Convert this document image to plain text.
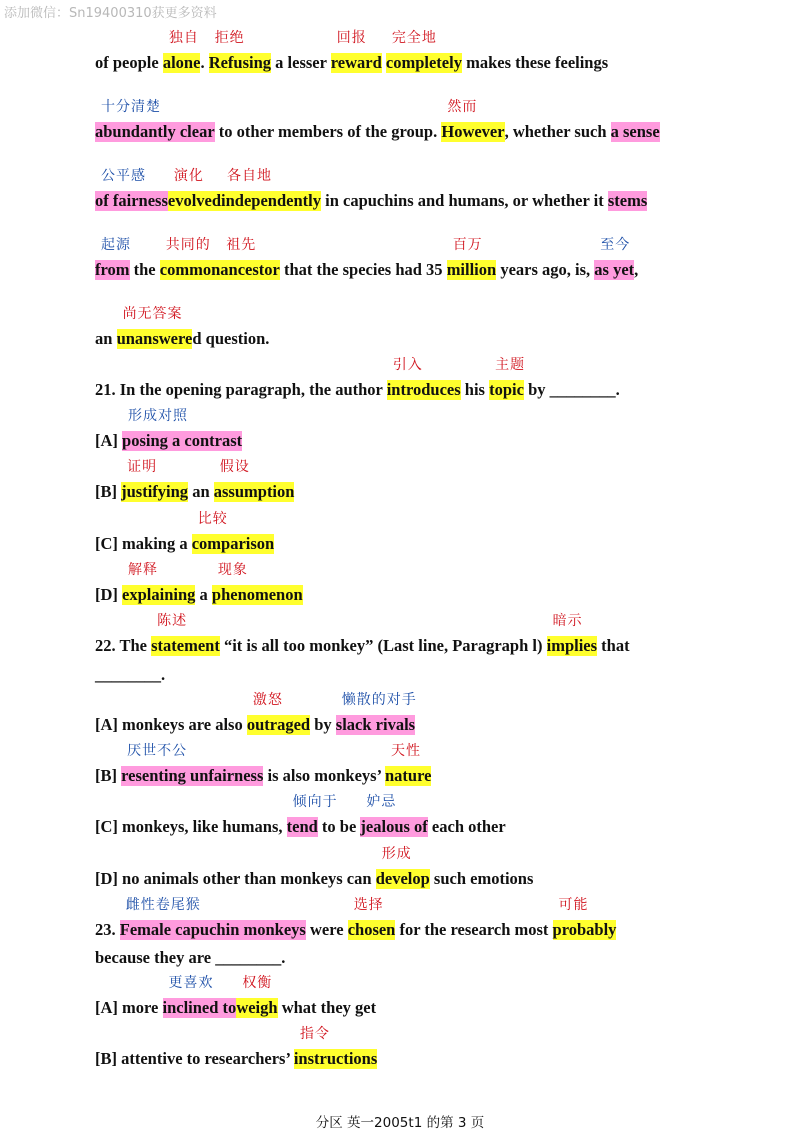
添加微信：Sn19400310获更多资料
of people alone
独自
. Refusing
拒绝
a lesser reward
回报
completely
完全地
makes these feelings
abundantly clear
十分清楚
to other members of the group. However
然而
, whether such a sense
of fairness
公平感
evolved
演化
independently
各自地
in capuchins and humans, or whether it stems
from
起源
the common
共同的
ancestor
祖先
that the species had 35 million
百万
years ago, is, as yet
至今
,
an unanswere
尚无答案
d question.
21. In the opening paragraph, the author introduces
引入
his topic
主题
by ________.
[A] posing a contrast
形成对照
[B] justifying
证明
an assumption
假设
[C] making a comparison
比较
[D] explaining
解释
a phenomenon
现象
22. The statement
陈述
“it is all too monkey” (Last line, Paragraph l) implies
暗示
that
________.
[A] monkeys are also outraged
激怒
by slack rivals
懒散的对手
[B] resenting unfairness
厌世不公
is also monkeys’ nature
天性
[C] monkeys, like humans, tend
倾向于
to be jealous of
妒忌
each other
[D] no animals other than monkeys can develop
形成
such emotions
23. Female capuchin monkeys
雌性卷尾猴
were chosen
选择
for the research most probably
可能
because they are ________.
[A] more inclined to
更喜欢
weigh
权衡
what they get
[B] attentive to researchers’ instructions
指令
分区 英一2005t1 的第 3 页
